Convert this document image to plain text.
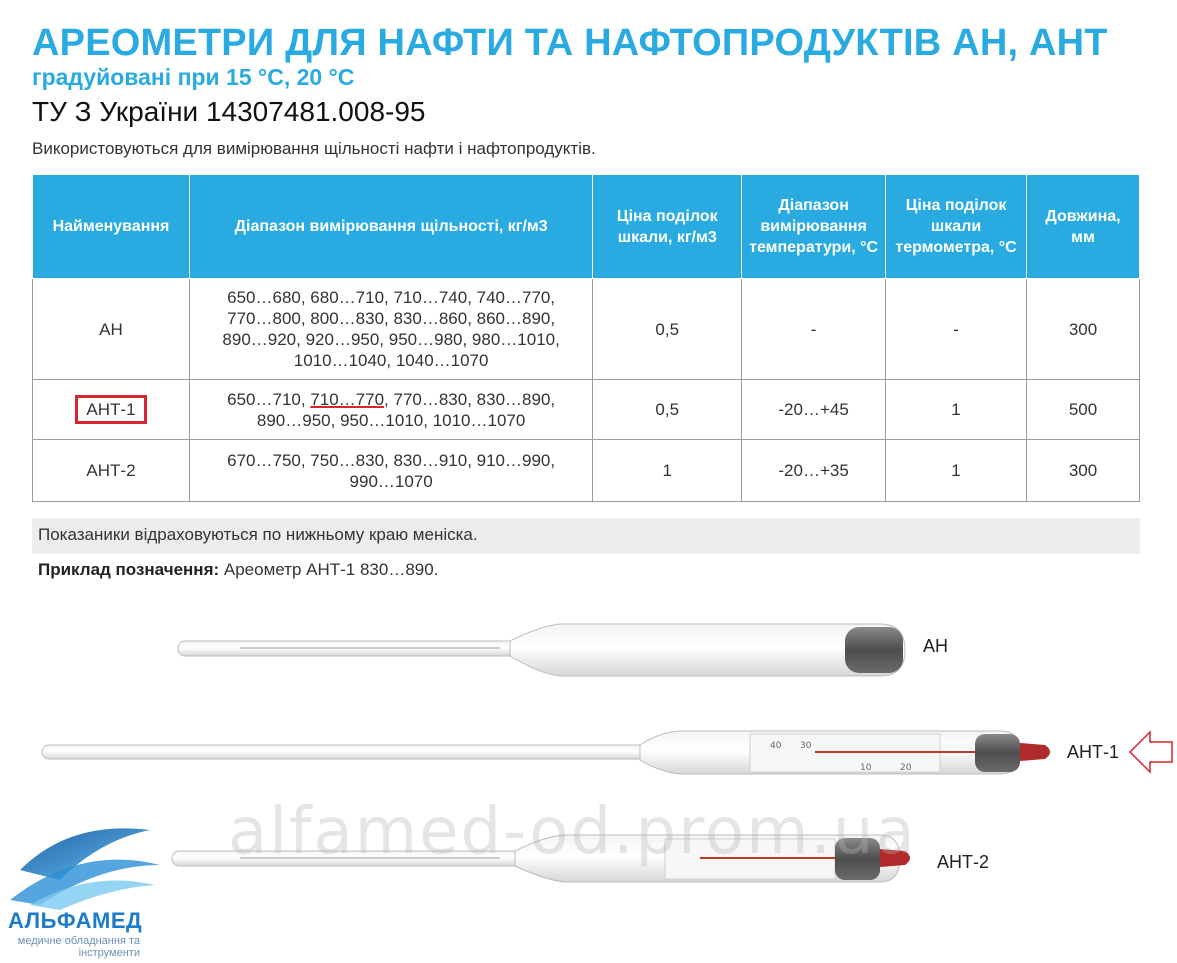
АРЕОМЕТРИ ДЛЯ НАФТИ ТА НАФТОПРОДУКТІВ АН, АНТ
градуйовані при 15 °С, 20 °С
ТУ З України 14307481.008-95
Використовуються для вимірювання щільності нафти і нафтопродуктів.
Найменування	Діапазон вимірювання щільності, кг/м3	Ціна поділок шкали, кг/м3	Діапазон вимірювання температури, °С	Ціна поділок шкали термометра, °С	Довжина, мм
АН	650…680, 680…710, 710…740, 740…770, 770…800, 800…830, 830…860, 860…890, 890…920, 920…950, 950…980, 980…1010, 1010…1040, 1040…1070	0,5	-	-	300
АНТ-1	650…710, 710…770, 770…830, 830…890, 890…950, 950…1010, 1010…1070	0,5	-20…+45	1	500
АНТ-2	670…750, 750…830, 830…910, 910…990, 990…1070	1	-20…+35	1	300
Показаники відраховуються по нижньому краю меніска.
Приклад позначення: Ареометр АНТ-1 830…890.
40 30
10	20
АН
АНТ-1
АНТ-2
alfamed-od.prom.ua
АЛЬФАМЕД
медичне обладнання та інструменти
